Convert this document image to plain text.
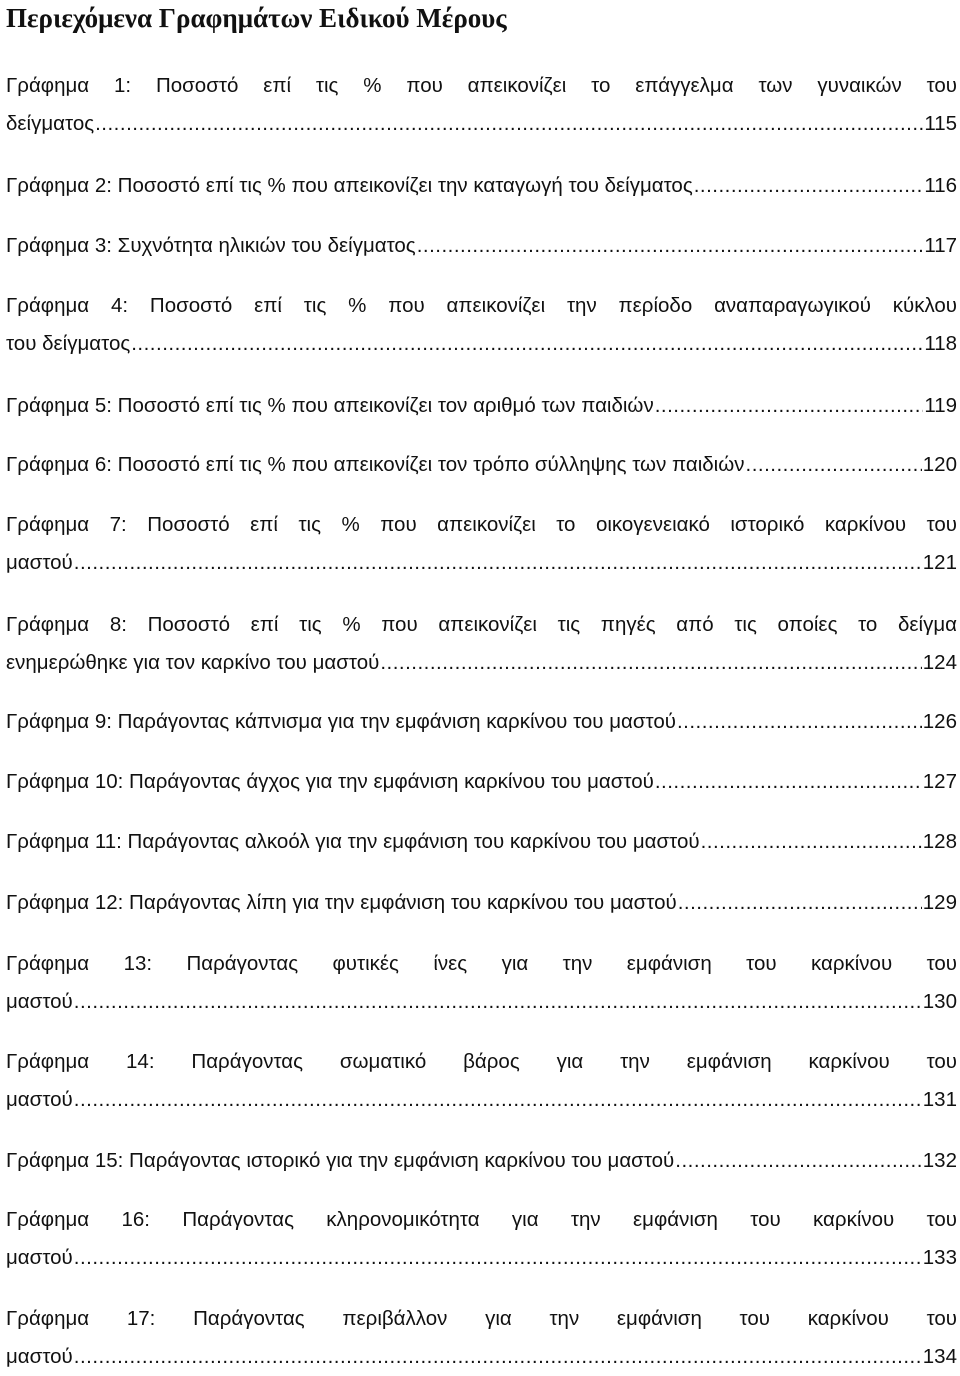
Περιεχόμενα Γραφημάτων Ειδικού Μέρους
Γράφημα 1: Ποσοστό επί τις % που απεικονίζει το επάγγελμα των γυναικών του
δείγματος . . .	115
Γράφημα 2: Ποσοστό επί τις % που απεικονίζει την καταγωγή του δείγματος . . .	116
Γράφημα 3: Συχνότητα ηλικιών του δείγματος . . .	117
Γράφημα 4: Ποσοστό επί τις % που απεικονίζει την περίοδο αναπαραγωγικού κύκλου
του δείγματος . . .	118
Γράφημα 5: Ποσοστό επί τις % που απεικονίζει τον αριθμό των παιδιών . . .	119
Γράφημα 6: Ποσοστό επί τις % που απεικονίζει τον τρόπο σύλληψης των παιδιών . . .	120
Γράφημα 7: Ποσοστό επί τις % που απεικονίζει το οικογενειακό ιστορικό καρκίνου του
μαστού . . .	121
Γράφημα 8: Ποσοστό επί τις % που απεικονίζει τις πηγές από τις οποίες το δείγμα
ενημερώθηκε για τον καρκίνο του μαστού . . .	124
Γράφημα 9: Παράγοντας κάπνισμα για την εμφάνιση καρκίνου του μαστού . . .	126
Γράφημα 10: Παράγοντας άγχος για την εμφάνιση καρκίνου του μαστού . . .	127
Γράφημα 11: Παράγοντας αλκοόλ για την εμφάνιση του καρκίνου του μαστού . . .	128
Γράφημα 12: Παράγοντας λίπη για την εμφάνιση του καρκίνου του μαστού . . .	129
Γράφημα 13: Παράγοντας φυτικές ίνες για την εμφάνιση του καρκίνου του
μαστού . . .	130
Γράφημα 14: Παράγοντας σωματικό βάρος για την εμφάνιση καρκίνου του
μαστού . . .	131
Γράφημα 15: Παράγοντας ιστορικό για την εμφάνιση καρκίνου του μαστού . . .	132
Γράφημα 16: Παράγοντας κληρονομικότητα για την εμφάνιση του καρκίνου του
μαστού . . .	133
Γράφημα 17: Παράγοντας περιβάλλον για την εμφάνιση του καρκίνου του
μαστού . . .	134
